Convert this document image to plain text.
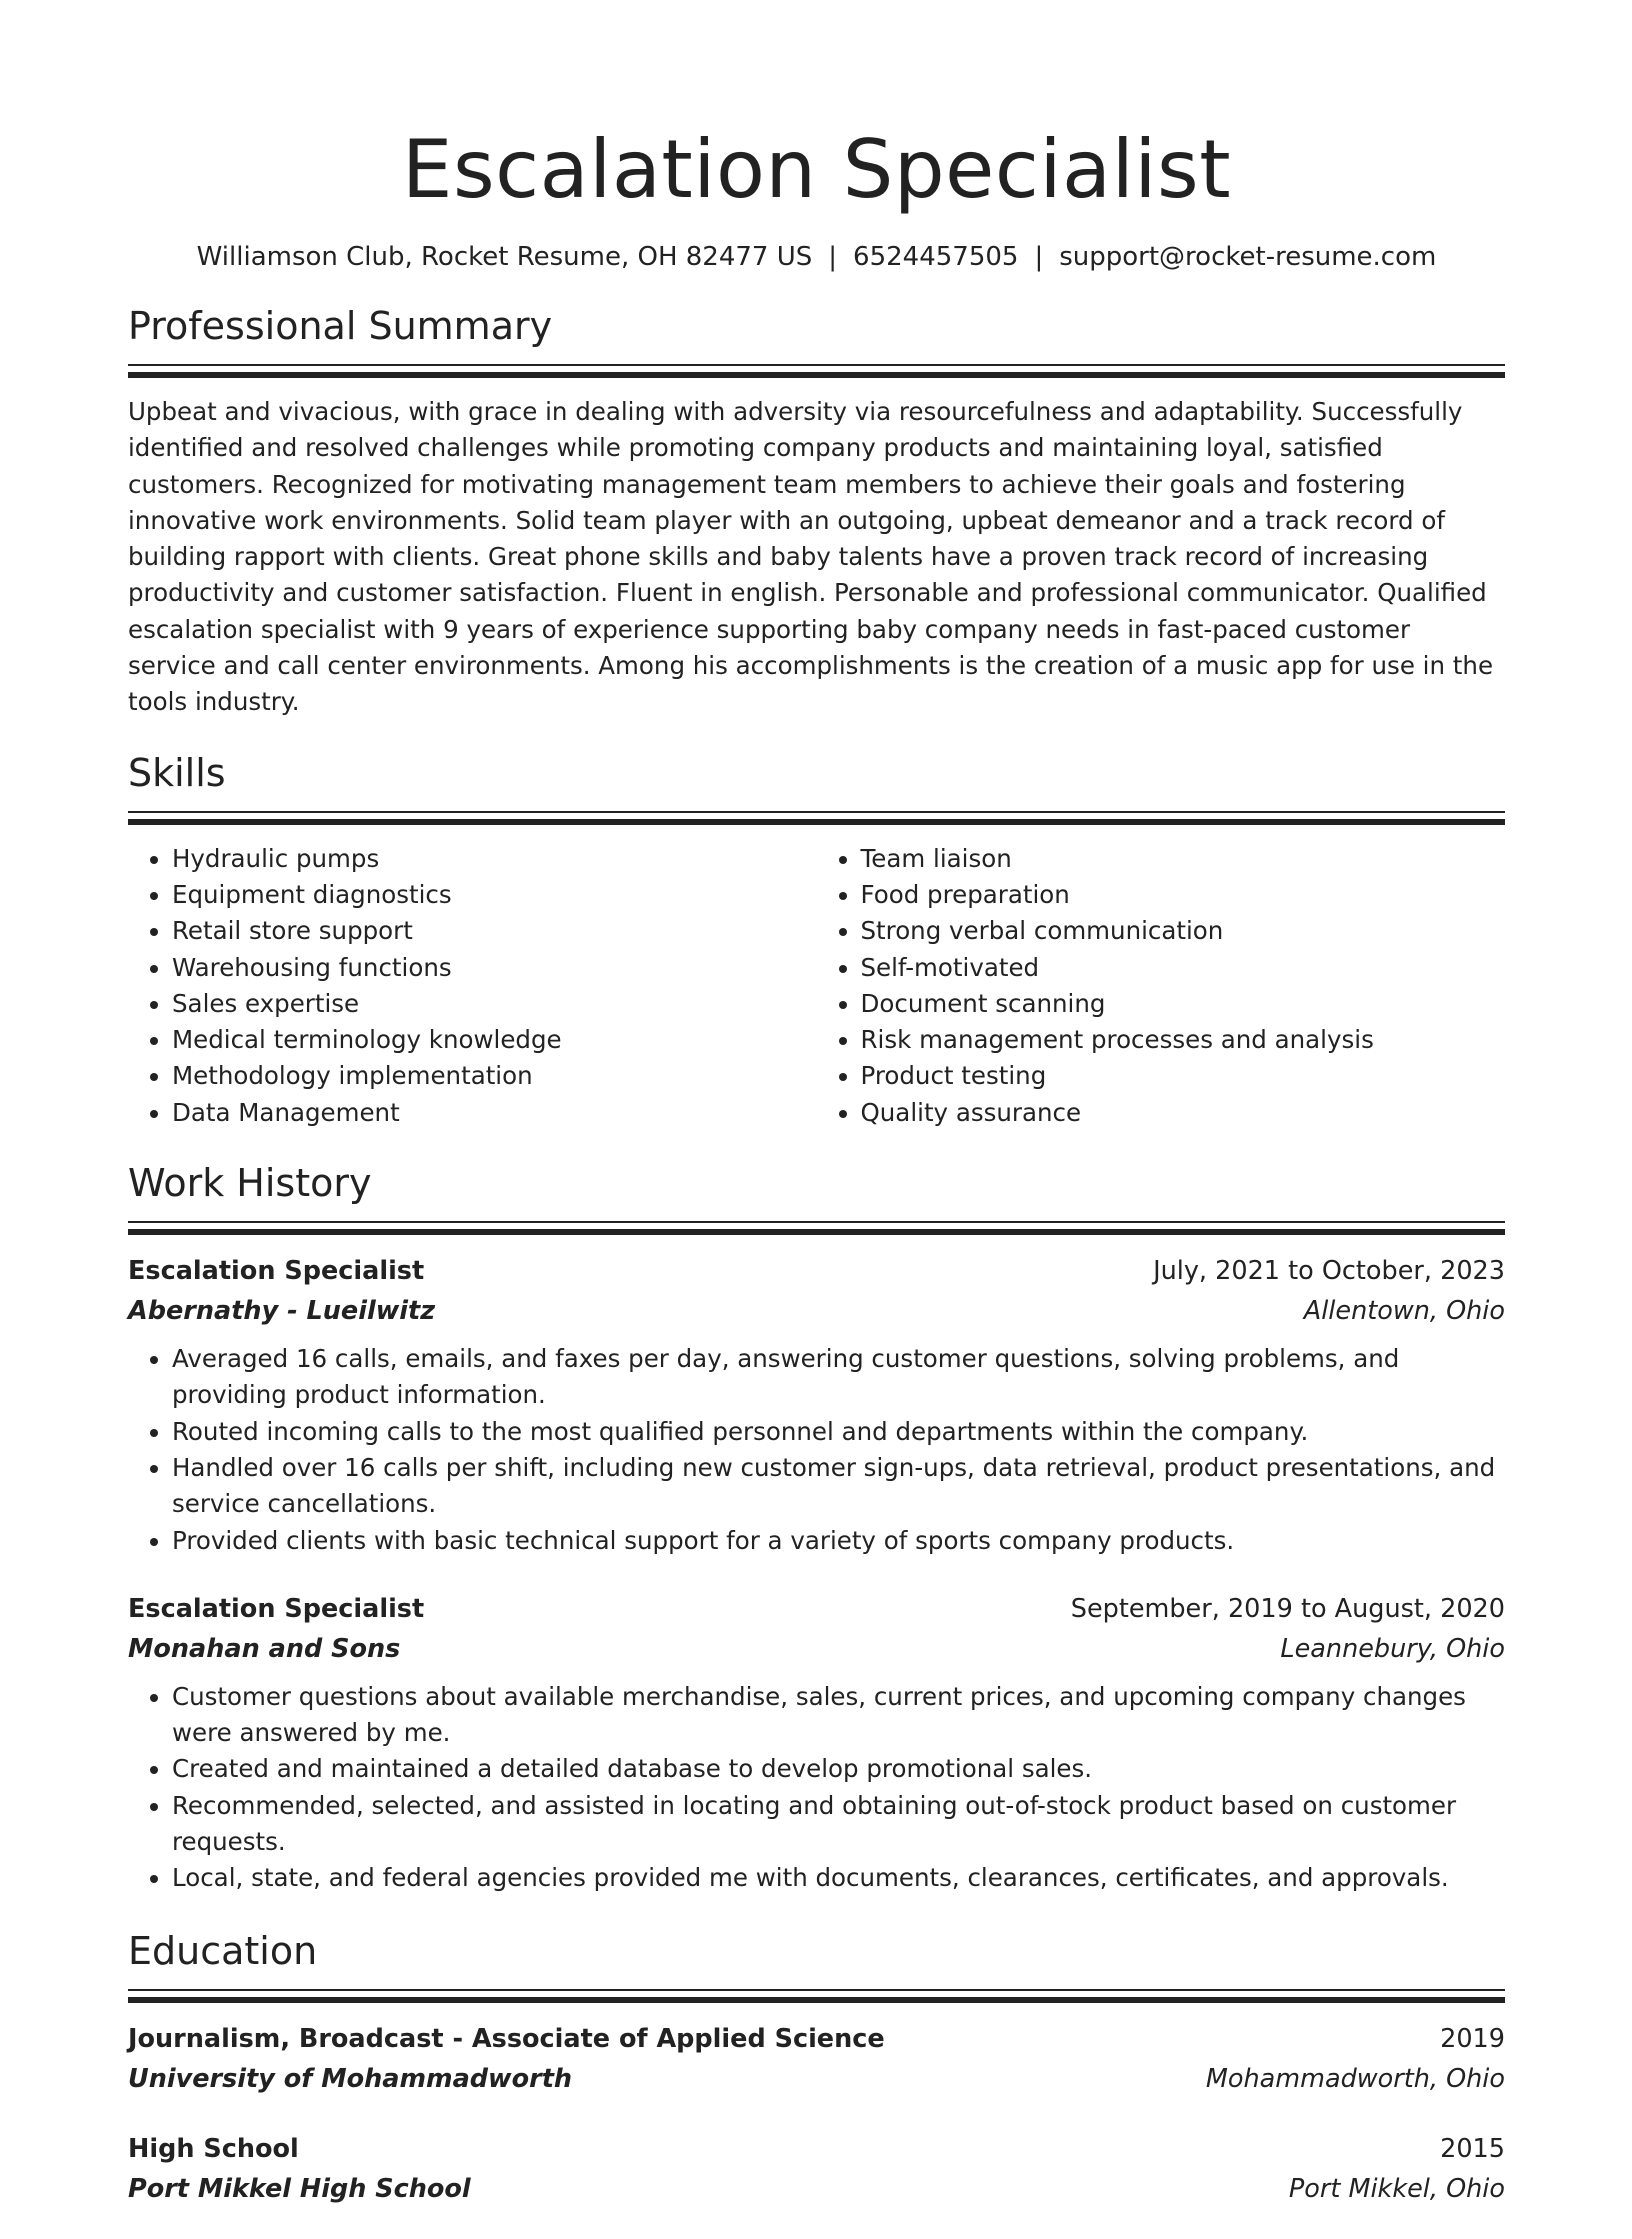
Escalation Specialist
Williamson Club, Rocket Resume, OH 82477 US | 6524457505 | support@rocket-resume.com
Professional Summary

Upbeat and vivacious, with grace in dealing with adversity via resourcefulness and adaptability. Successfully identified and resolved challenges while promoting company products and maintaining loyal, satisfied customers. Recognized for motivating management team members to achieve their goals and fostering innovative work environments. Solid team player with an outgoing, upbeat demeanor and a track record of building rapport with clients. Great phone skills and baby talents have a proven track record of increasing productivity and customer satisfaction. Fluent in english. Personable and professional communicator. Qualified escalation specialist with 9 years of experience supporting baby company needs in fast-paced customer service and call center environments. Among his accomplishments is the creation of a music app for use in the tools industry.

Skills
• Hydraulic pumps
• Equipment diagnostics
• Retail store support
• Warehousing functions
• Sales expertise
• Medical terminology knowledge
• Methodology implementation
• Data Management
• Team liaison
• Food preparation
• Strong verbal communication
• Self-motivated
• Document scanning
• Risk management processes and analysis
• Product testing
• Quality assurance
Work History
Escalation Specialist	July, 2021 to October, 2023
Abernathy - Lueilwitz	Allentown, Ohio
• Averaged 16 calls, emails, and faxes per day, answering customer questions, solving problems, and providing product information.
• Routed incoming calls to the most qualified personnel and departments within the company.
• Handled over 16 calls per shift, including new customer sign-ups, data retrieval, product presentations, and service cancellations.
• Provided clients with basic technical support for a variety of sports company products.
Escalation Specialist	September, 2019 to August, 2020
Monahan and Sons	Leannebury, Ohio
• Customer questions about available merchandise, sales, current prices, and upcoming company changes were answered by me.
• Created and maintained a detailed database to develop promotional sales.
• Recommended, selected, and assisted in locating and obtaining out-of-stock product based on customer requests.
• Local, state, and federal agencies provided me with documents, clearances, certificates, and approvals.
Education
Journalism, Broadcast - Associate of Applied Science	2019
University of Mohammadworth	Mohammadworth, Ohio
High School	2015
Port Mikkel High School	Port Mikkel, Ohio
